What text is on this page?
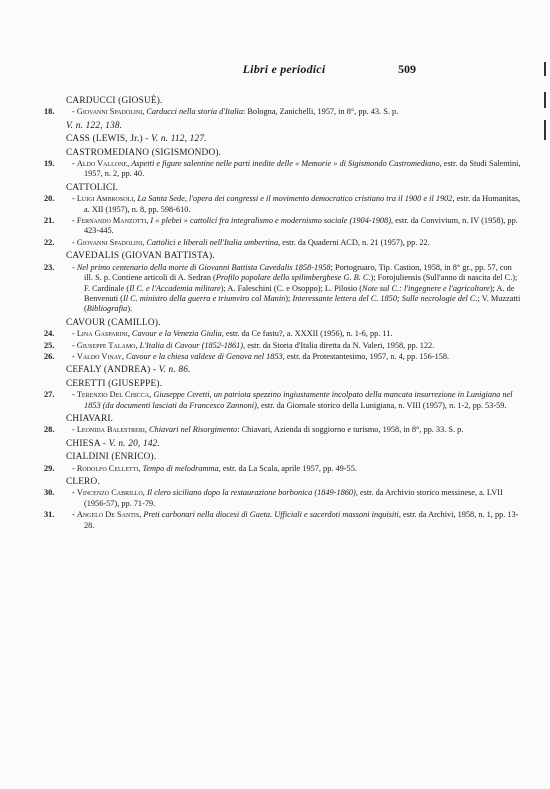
Libri e periodici	509
CARDUCCI (GIOSUÈ).
18. - Giovanni Spadolini, Carducci nella storia d'Italia: Bologna, Zanichelli, 1957, in 8°, pp. 43. S. p.
V. n. 122, 138.
CASS (LEWIS, Jr.) - V. n. 112, 127.
CASTROMEDIANO (SIGISMONDO).
19. - Aldo Vallone, Aspetti e figure salentine nelle parti inedite delle « Memorie » di Sigismondo Castromediano, estr. da Studi Salentini, 1957, n. 2, pp. 40.
CATTOLICI.
20. - Luigi Ambrosoli, La Santa Sede, l'opera dei congressi e il movimento democratico cristiano tra il 1900 e il 1902, estr. da Humanitas, a. XII (1957), n. 8, pp. 598-610.
21. - Fernando Manzotti, I « plebei » cattolici fra integralismo e modernismo sociale (1904-1908), estr. da Convivium, n. IV (1958), pp. 423-445.
22. - Giovanni Spadolini, Cattolici e liberali nell'Italia umbertina, estr. da Quaderni ACD, n. 21 (1957), pp. 22.
CAVEDALIS (GIOVAN BATTISTA).
23. - Nel primo centenario della morte di Giovanni Battista Cavedalis 1858-1958; Portogruaro, Tip. Castion, 1958, in 8° gr., pp. 57, con ill. S. p. Contiene articoli di A. Sedran (Profilo popolare dello spilimberghese G. B. C.); Forojuliensis (Sull'anno di nascita del C.); F. Cardinale (Il C. e l'Accademia militare); A. Faleschini (C. e Osoppo); L. Pilosio (Note sul C.: l'ingegnere e l'agricoltore); A. de Benvenuti (Il C. ministro della guerra e triumviro col Manin); Interessante lettera del C. 1850; Sulle necrologie del C.; V. Muzzatti (Bibliografia).
CAVOUR (CAMILLO).
24. - Lina Gasparini, Cavour e la Venezia Giulia, estr. da Ce fastu?, a. XXXII (1956), n. 1-6, pp. 11.
25. - Giuseppe Talamo, L'Italia di Cavour (1852-1861), estr. da Storia d'Italia diretta da N. Valeri, 1958, pp. 122.
26. - Valdo Vinay, Cavour e la chiesa valdese di Genova nel 1853, estr. da Protestantesimo, 1957, n. 4, pp. 156-158.
CEFALY (ANDREA) - V. n. 86.
CERETTI (GIUSEPPE).
27. - Terenzio Del Chicca, Giuseppe Ceretti, un patriota spezzino ingiustamente incolpato della mancata insurrezione in Lunigiana nel 1853 (da documenti lasciati da Francesco Zannoni), estr. da Giornale storico della Lunigiana, n. VIII (1957), n. 1-2, pp. 53-59.
CHIAVARI.
28. - Leonida Balestreri, Chiavari nel Risorgimento: Chiavari, Azienda di soggiorno e turismo, 1958, in 8°, pp. 33. S. p.
CHIESA - V. n. 20, 142.
CIALDINI (ENRICO).
29. - Rodolfo Celletti, Tempo di melodramma, estr. da La Scala, aprile 1957, pp. 49-55.
CLERO.
30. - Vincenzo Cabrillo, Il clero siciliano dopo la restaurazione borbonica (1849-1860), estr. da Archivio storico messinese, a. LVII (1956-57), pp. 71-79.
31. - Angelo De Santis, Preti carbonari nella diocesi di Gaeta. Ufficiali e sacerdoti massoni inquisiti, estr. da Archivi, 1958, n. 1, pp. 13-28.
